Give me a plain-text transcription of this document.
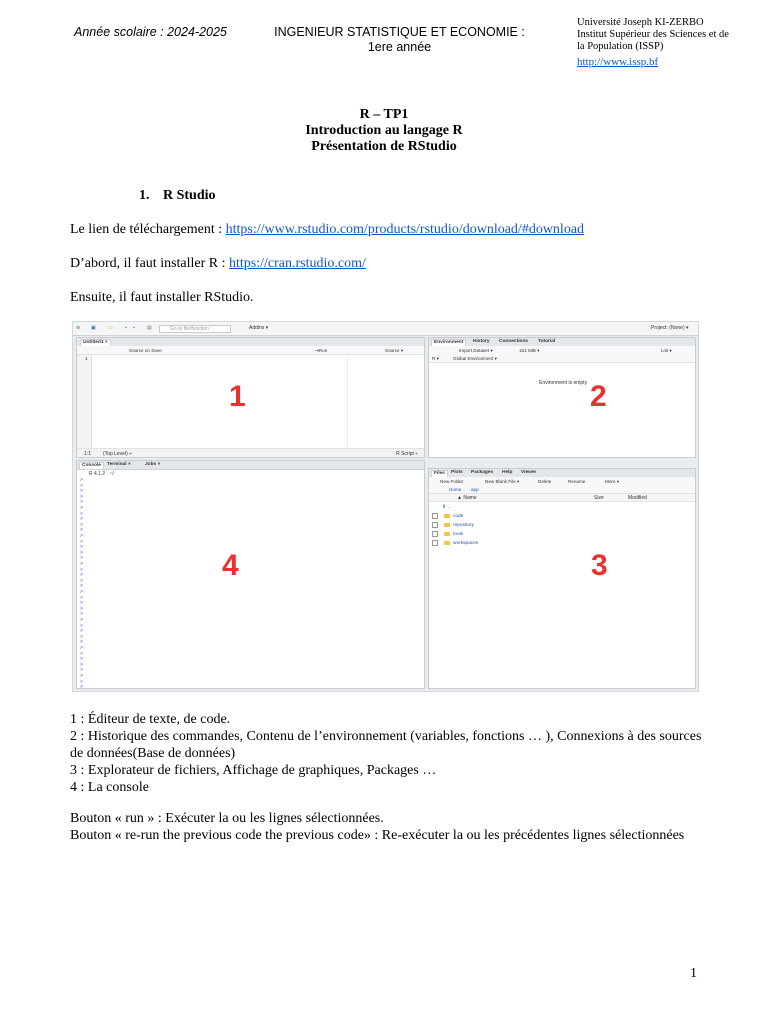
Année scolaire : 2024-2025	INGENIEUR STATISTIQUE ET ECONOMIE :
1ere année
Université Joseph KI-ZERBO
Institut Supérieur des Sciences et de
la Population (ISSP)
http://www.issp.bf
R – TP1
Introduction au langage R
Présentation de RStudio
1. R Studio
Le lien de téléchargement : https://www.rstudio.com/products/rstudio/download/#download
D’abord, il faut installer R : https://cran.rstudio.com/
Ensuite, il faut installer RStudio.
⊕ ▣ ▭ ▪ ▪ ▤	Go to file/function	Addins ▾	Project: (None) ▾
Untitled1 ×
Source on Save	⇥Run	Source ▾
1
1:1 (Top Level) ÷	R Script ÷
1
Environment	History	Connections	Tutorial
Import Dataset ▾	151 MiB ▾	List ▾
R ▾	Global Environment ▾
Environment is empty 2
Console	Terminal ×	Jobs ×
R 4.1.2 · ~/
>
>
>
>
>
>
>
>
>
>
>
>
>
>
>
>
>
>
>
>
>
>
>
>
>
>
>
>
>
>
>
>
>
>
>
>
>
>
4
Files	Plots	Packages	Help	Viewer
New Folder	New Blank File ▾	Delete	Rename	More ▾
Home app
▲ Name	Size	Modified
⬆ ..
code
repository
tools
workspaces
3
1 : Éditeur de texte, de code.
2 : Historique des commandes, Contenu de l’environnement (variables, fonctions … ), Connexions à des sources de données(Base de données)
3 : Explorateur de fichiers, Affichage de graphiques, Packages …
4 : La console
Bouton « run » : Exécuter la ou les lignes sélectionnées.
Bouton « re-run the previous code the previous code» : Re-exécuter la ou les précédentes lignes sélectionnées
1
